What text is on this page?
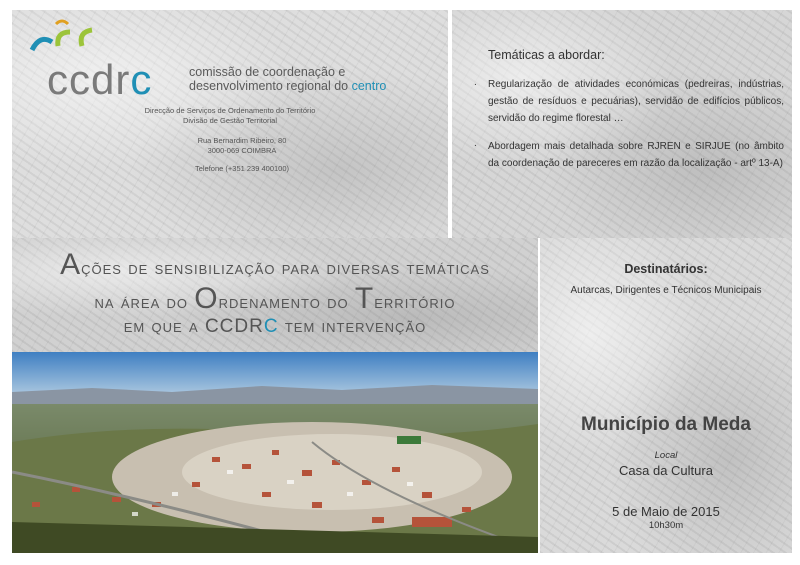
ccdrc	comissão de coordenação e
desenvolvimento regional do centro
Direcção de Serviços de Ordenamento do Território
Divisão de Gestão Territorial
Rua Bernardim Ribeiro, 80
3000-069 COIMBRA
Telefone (+351 239 400100)
Temáticas a abordar:
. Regularização de atividades económicas (pedreiras, indústrias, gestão de resíduos e pecuárias), servidão de edifícios públicos, servidão do regime florestal …
. Abordagem mais detalhada sobre RJREN e SIRJUE (no âmbito da coordenação de pareceres em razão da localização - artº 13-A)
Ações de sensibilização para diversas temáticas
na área do Ordenamento do Território
em que a CCDRC tem intervenção
Destinatários:
Autarcas, Dirigentes e Técnicos Municipais
Município da Meda
Local
Casa da Cultura
5 de Maio de 2015
10h30m
